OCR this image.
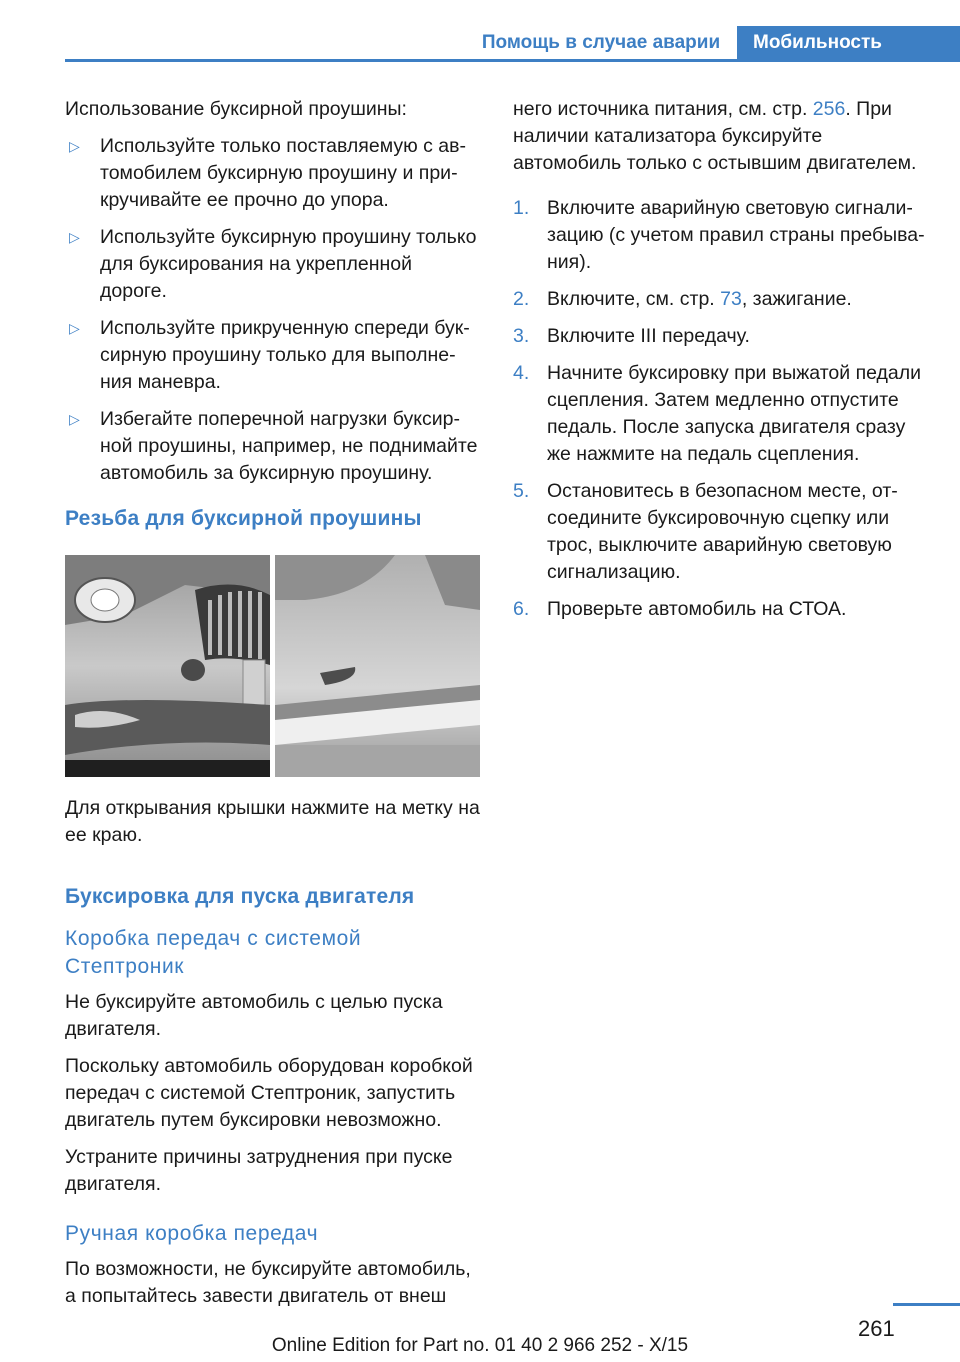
Помощь в случае аварии	Мобильность

Использование буксирной проушины:

▷	Используйте только поставляемую с автомобилем буксирную проушину и прикручивайте ее прочно до упора.
▷	Используйте буксирную проушину только для буксирования на укрепленной дороге.
▷	Используйте прикрученную спереди буксирную проушину только для выполнения маневра.
▷	Избегайте поперечной нагрузки буксирной проушины, например, не поднимайте автомобиль за буксирную проушину.
Резьба для буксирной проушины

Для открывания крышки нажмите на метку на ее краю.

Буксировка для пуска двигателя
Коробка передач с системой Стептроник

Не буксируйте автомобиль с целью пуска двигателя.

Поскольку автомобиль оборудован коробкой передач с системой Стептроник, запустить двигатель путем буксировки невозможно.

Устраните причины затруднения при пуске двигателя.

Ручная коробка передач

По возможности, не буксируйте автомобиль, а попытайтесь завести двигатель от внеш

него источника питания, см. стр. 256. При наличии катализатора буксируйте автомобиль только с остывшим двигателем.

1. Включите аварийную световую сигнализацию (с учетом правил страны пребывания).
2. Включите, см. стр. 73, зажигание.
3. Включите III передачу.
4. Начните буксировку при выжатой педали сцепления. Затем медленно отпустите педаль. После запуска двигателя сразу же нажмите на педаль сцепления.
5. Остановитесь в безопасном месте, отсоедините буксировочную сцепку или трос, выключите аварийную световую сигнализацию.
6. Проверьте автомобиль на СТОА.
261
Online Edition for Part no. 01 40 2 966 252 - X/15
